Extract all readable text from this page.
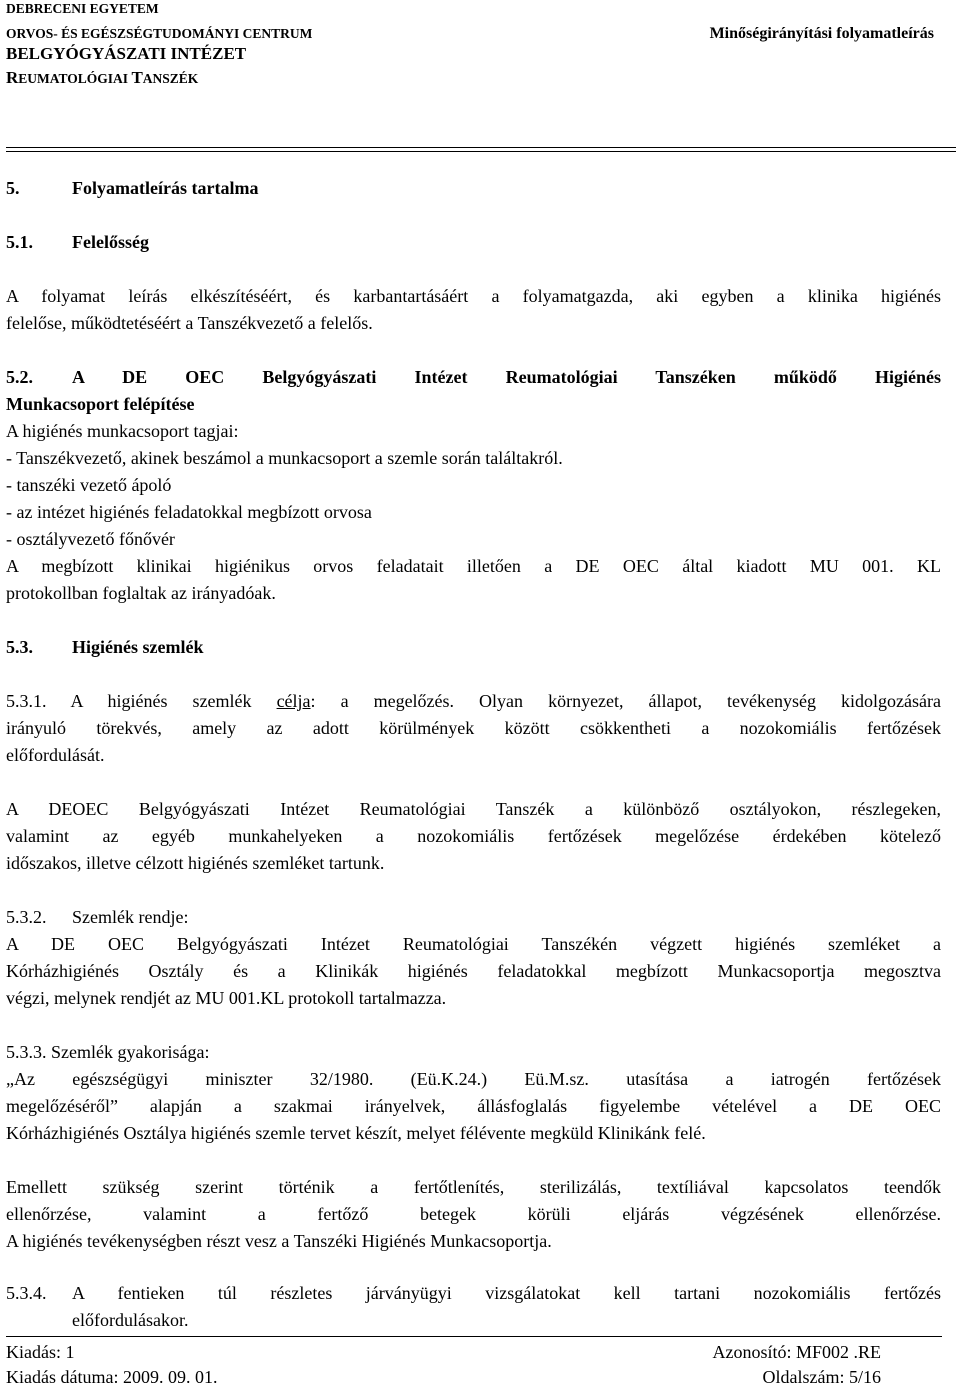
DEBRECENI EGYETEM
ORVOS- ÉS EGÉSZSÉGTUDOMÁNYI CENTRUM
BELGYÓGYÁSZATI INTÉZET
REUMATOLÓGIAI TANSZÉK
Minőségirányítási folyamatleírás
5.	Folyamatleírás tartalma
5.1. Felelősség
A folyamat leírás elkészítéséért, és karbantartásáért a folyamatgazda, aki egyben a klinika higiénés
felelőse, működtetéséért a Tanszékvezető a felelős.
5.2. A DE OEC Belgyógyászati Intézet Reumatológiai Tanszéken működő Higiénés
Munkacsoport felépítése
A higiénés munkacsoport tagjai:
- Tanszékvezető, akinek beszámol a munkacsoport a szemle során találtakról.
- tanszéki vezető ápoló
- az intézet higiénés feladatokkal megbízott orvosa
- osztályvezető főnővér
A megbízott klinikai higiénikus orvos feladatait illetően a DE OEC által kiadott MU 001. KL
protokollban foglaltak az irányadóak.
5.3. Higiénés szemlék
5.3.1. A higiénés szemlék célja: a megelőzés. Olyan környezet, állapot, tevékenység kidolgozására
irányuló törekvés, amely az adott körülmények között csökkentheti a nozokomiális fertőzések
előfordulását.
A DEOEC Belgyógyászati Intézet Reumatológiai Tanszék a különböző osztályokon, részlegeken,
valamint az egyéb munkahelyeken a nozokomiális fertőzések megelőzése érdekében kötelező
időszakos, illetve célzott higiénés szemléket tartunk.
5.3.2. Szemlék rendje:
A DE OEC Belgyógyászati Intézet Reumatológiai Tanszékén végzett higiénés szemléket a
Kórházhigiénés Osztály és a Klinikák higiénés feladatokkal megbízott Munkacsoportja megosztva
végzi, melynek rendjét az MU 001.KL protokoll tartalmazza.
5.3.3. Szemlék gyakorisága:
„Az egészségügyi miniszter 32/1980. (Eü.K.24.) Eü.M.sz. utasítása a iatrogén fertőzések
megelőzéséről” alapján a szakmai irányelvek, állásfoglalás figyelembe vételével a DE OEC
Kórházhigiénés Osztálya higiénés szemle tervet készít, melyet félévente megküld Klinikánk felé.
Emellett szükség szerint történik a fertőtlenítés, sterilizálás, textíliával kapcsolatos teendők
ellenőrzése, valamint a fertőző betegek körüli eljárás végzésének ellenőrzése.
A higiénés tevékenységben részt vesz a Tanszéki Higiénés Munkacsoportja.
5.3.4. A fentieken túl részletes járványügyi vizsgálatokat kell tartani nozokomiális fertőzés
előfordulásakor.
Kiadás: 1	Azonosító: MF002 .RE
Kiadás dátuma: 2009. 09. 01.	Oldalszám: 5/16
